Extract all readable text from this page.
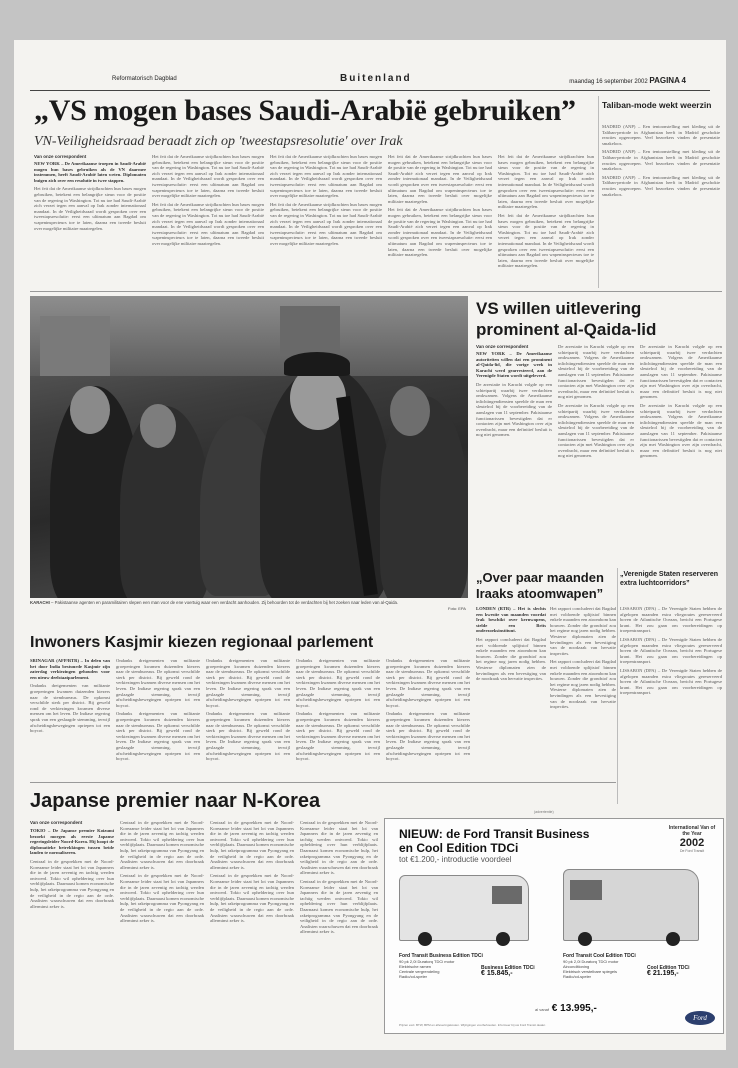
Reformatorisch Dagblad	Buitenland	maandag 16 september 2002 PAGINA 4
„VS mogen bases Saudi-Arabië gebruiken”
VN-Veiligheidsraad beraadt zich op 'tweestapsresolutie' over Irak
Van onze correspondent

NEW YORK – De Amerikaanse troepen in Saudi-Arabië mogen hun bases gebruiken als de VN daarmee instemmen, heeft Saudi-Arabië laten weten. Diplomaten buigen zich over een resolutie in twee stappen.

Het feit dat de Amerikaanse strijdkrachten hun bases mogen gebruiken, betekent een belangrijke steun voor de positie van de regering in Washington. Tot nu toe had Saudi-Arabië zich verzet tegen een aanval op Irak zonder internationaal mandaat. In de Veiligheidsraad wordt gesproken over een tweestapsresolutie: eerst een ultimatum aan Bagdad om wapeninspecteurs toe te laten, daarna een tweede besluit over mogelijke militaire maatregelen.

Het feit dat de Amerikaanse strijdkrachten hun bases mogen gebruiken, betekent een belangrijke steun voor de positie van de regering in Washington. Tot nu toe had Saudi-Arabië zich verzet tegen een aanval op Irak zonder internationaal mandaat. In de Veiligheidsraad wordt gesproken over een tweestapsresolutie: eerst een ultimatum aan Bagdad om wapeninspecteurs toe te laten, daarna een tweede besluit over mogelijke militaire maatregelen.

Het feit dat de Amerikaanse strijdkrachten hun bases mogen gebruiken, betekent een belangrijke steun voor de positie van de regering in Washington. Tot nu toe had Saudi-Arabië zich verzet tegen een aanval op Irak zonder internationaal mandaat. In de Veiligheidsraad wordt gesproken over een tweestapsresolutie: eerst een ultimatum aan Bagdad om wapeninspecteurs toe te laten, daarna een tweede besluit over mogelijke militaire maatregelen.

Het feit dat de Amerikaanse strijdkrachten hun bases mogen gebruiken, betekent een belangrijke steun voor de positie van de regering in Washington. Tot nu toe had Saudi-Arabië zich verzet tegen een aanval op Irak zonder internationaal mandaat. In de Veiligheidsraad wordt gesproken over een tweestapsresolutie: eerst een ultimatum aan Bagdad om wapeninspecteurs toe te laten, daarna een tweede besluit over mogelijke militaire maatregelen.

Het feit dat de Amerikaanse strijdkrachten hun bases mogen gebruiken, betekent een belangrijke steun voor de positie van de regering in Washington. Tot nu toe had Saudi-Arabië zich verzet tegen een aanval op Irak zonder internationaal mandaat. In de Veiligheidsraad wordt gesproken over een tweestapsresolutie: eerst een ultimatum aan Bagdad om wapeninspecteurs toe te laten, daarna een tweede besluit over mogelijke militaire maatregelen.

Het feit dat de Amerikaanse strijdkrachten hun bases mogen gebruiken, betekent een belangrijke steun voor de positie van de regering in Washington. Tot nu toe had Saudi-Arabië zich verzet tegen een aanval op Irak zonder internationaal mandaat. In de Veiligheidsraad wordt gesproken over een tweestapsresolutie: eerst een ultimatum aan Bagdad om wapeninspecteurs toe te laten, daarna een tweede besluit over mogelijke militaire maatregelen.

Het feit dat de Amerikaanse strijdkrachten hun bases mogen gebruiken, betekent een belangrijke steun voor de positie van de regering in Washington. Tot nu toe had Saudi-Arabië zich verzet tegen een aanval op Irak zonder internationaal mandaat. In de Veiligheidsraad wordt gesproken over een tweestapsresolutie: eerst een ultimatum aan Bagdad om wapeninspecteurs toe te laten, daarna een tweede besluit over mogelijke militaire maatregelen.

Het feit dat de Amerikaanse strijdkrachten hun bases mogen gebruiken, betekent een belangrijke steun voor de positie van de regering in Washington. Tot nu toe had Saudi-Arabië zich verzet tegen een aanval op Irak zonder internationaal mandaat. In de Veiligheidsraad wordt gesproken over een tweestapsresolutie: eerst een ultimatum aan Bagdad om wapeninspecteurs toe te laten, daarna een tweede besluit over mogelijke militaire maatregelen.

Het feit dat de Amerikaanse strijdkrachten hun bases mogen gebruiken, betekent een belangrijke steun voor de positie van de regering in Washington. Tot nu toe had Saudi-Arabië zich verzet tegen een aanval op Irak zonder internationaal mandaat. In de Veiligheidsraad wordt gesproken over een tweestapsresolutie: eerst een ultimatum aan Bagdad om wapeninspecteurs toe te laten, daarna een tweede besluit over mogelijke militaire maatregelen.

Taliban-mode wekt weerzin

MADRID (ANP) – Een tentoonstelling met kleding uit de Taliban-periode in Afghanistan heeft in Madrid geschokte reacties opgeroepen. Veel bezoekers vinden de presentatie smakeloos.

MADRID (ANP) – Een tentoonstelling met kleding uit de Taliban-periode in Afghanistan heeft in Madrid geschokte reacties opgeroepen. Veel bezoekers vinden de presentatie smakeloos.

MADRID (ANP) – Een tentoonstelling met kleding uit de Taliban-periode in Afghanistan heeft in Madrid geschokte reacties opgeroepen. Veel bezoekers vinden de presentatie smakeloos.

KARACHI – Pakistaanse agenten en paramilitairen slepen een man voor de ene voertuig waar een verdacht aanhouden. Zij behoorden tot de verdachten bij het zoeken naar leden van al-Qaida.
Foto: EPA
VS willen uitlevering prominent al-Qaida-lid
Van onze correspondent

NEW YORK – De Amerikaanse autoriteiten willen dat een prominent al-Qaida-lid, die vorige week in Karachi werd gearresteerd, aan de Verenigde Staten wordt uitgeleverd.

De arrestatie in Karachi volgde op een schietpartij waarbij twee verdachten omkwamen. Volgens de Amerikaanse inlichtingendiensten speelde de man een sleutelrol bij de voorbereiding van de aanslagen van 11 september. Pakistaanse functionarissen bevestigden dat er contacten zijn met Washington over zijn overdracht, maar een definitief besluit is nog niet genomen.

De arrestatie in Karachi volgde op een schietpartij waarbij twee verdachten omkwamen. Volgens de Amerikaanse inlichtingendiensten speelde de man een sleutelrol bij de voorbereiding van de aanslagen van 11 september. Pakistaanse functionarissen bevestigden dat er contacten zijn met Washington over zijn overdracht, maar een definitief besluit is nog niet genomen.

De arrestatie in Karachi volgde op een schietpartij waarbij twee verdachten omkwamen. Volgens de Amerikaanse inlichtingendiensten speelde de man een sleutelrol bij de voorbereiding van de aanslagen van 11 september. Pakistaanse functionarissen bevestigden dat er contacten zijn met Washington over zijn overdracht, maar een definitief besluit is nog niet genomen.

De arrestatie in Karachi volgde op een schietpartij waarbij twee verdachten omkwamen. Volgens de Amerikaanse inlichtingendiensten speelde de man een sleutelrol bij de voorbereiding van de aanslagen van 11 september. Pakistaanse functionarissen bevestigden dat er contacten zijn met Washington over zijn overdracht, maar een definitief besluit is nog niet genomen.

De arrestatie in Karachi volgde op een schietpartij waarbij twee verdachten omkwamen. Volgens de Amerikaanse inlichtingendiensten speelde de man een sleutelrol bij de voorbereiding van de aanslagen van 11 september. Pakistaanse functionarissen bevestigden dat er contacten zijn met Washington over zijn overdracht, maar een definitief besluit is nog niet genomen.

„Over paar maanden Iraaks atoomwapen”

LONDEN (RTR) – Het is slechts een kwestie van maanden voordat Irak beschikt over kernwapens, stelde een Brits onderzoeksinstituut.

Het rapport concludeert dat Bagdad met voldoende splijtstof binnen enkele maanden een atoombom kan bouwen. Zonder die grondstof zou het regime nog jaren nodig hebben. Westerse diplomaten zien de bevindingen als een bevestiging van de noodzaak van hervatte inspecties.

Het rapport concludeert dat Bagdad met voldoende splijtstof binnen enkele maanden een atoombom kan bouwen. Zonder die grondstof zou het regime nog jaren nodig hebben. Westerse diplomaten zien de bevindingen als een bevestiging van de noodzaak van hervatte inspecties.

Het rapport concludeert dat Bagdad met voldoende splijtstof binnen enkele maanden een atoombom kan bouwen. Zonder die grondstof zou het regime nog jaren nodig hebben. Westerse diplomaten zien de bevindingen als een bevestiging van de noodzaak van hervatte inspecties.

„Verenigde Staten reserveren extra luchtcorridors”

LISSABON (DPA) – De Verenigde Staten hebben de afgelopen maanden extra vliegroutes gereserveerd boven de Atlantische Oceaan, bericht een Portugese krant. Het zou gaan om voorbereidingen op troepentransport.

LISSABON (DPA) – De Verenigde Staten hebben de afgelopen maanden extra vliegroutes gereserveerd boven de Atlantische Oceaan, bericht een Portugese krant. Het zou gaan om voorbereidingen op troepentransport.

LISSABON (DPA) – De Verenigde Staten hebben de afgelopen maanden extra vliegroutes gereserveerd boven de Atlantische Oceaan, bericht een Portugese krant. Het zou gaan om voorbereidingen op troepentransport.

Inwoners Kasjmir kiezen regionaal parlement

SRINAGAR (AFP/RTR) – In delen van het door India bestuurde Kasjmir zijn zaterdag verkiezingen gehouden voor een nieuw deelstaatparlement.

Ondanks dreigementen van militante groeperingen kwamen duizenden kiezers naar de stembureaus. De opkomst verschilde sterk per district. Bij geweld rond de verkiezingen kwamen diverse mensen om het leven. De Indiase regering sprak van een geslaagde stemming, terwijl afscheidingsbewegingen opriepen tot een boycot.

Ondanks dreigementen van militante groeperingen kwamen duizenden kiezers naar de stembureaus. De opkomst verschilde sterk per district. Bij geweld rond de verkiezingen kwamen diverse mensen om het leven. De Indiase regering sprak van een geslaagde stemming, terwijl afscheidingsbewegingen opriepen tot een boycot.

Ondanks dreigementen van militante groeperingen kwamen duizenden kiezers naar de stembureaus. De opkomst verschilde sterk per district. Bij geweld rond de verkiezingen kwamen diverse mensen om het leven. De Indiase regering sprak van een geslaagde stemming, terwijl afscheidingsbewegingen opriepen tot een boycot.

Ondanks dreigementen van militante groeperingen kwamen duizenden kiezers naar de stembureaus. De opkomst verschilde sterk per district. Bij geweld rond de verkiezingen kwamen diverse mensen om het leven. De Indiase regering sprak van een geslaagde stemming, terwijl afscheidingsbewegingen opriepen tot een boycot.

Ondanks dreigementen van militante groeperingen kwamen duizenden kiezers naar de stembureaus. De opkomst verschilde sterk per district. Bij geweld rond de verkiezingen kwamen diverse mensen om het leven. De Indiase regering sprak van een geslaagde stemming, terwijl afscheidingsbewegingen opriepen tot een boycot.

Ondanks dreigementen van militante groeperingen kwamen duizenden kiezers naar de stembureaus. De opkomst verschilde sterk per district. Bij geweld rond de verkiezingen kwamen diverse mensen om het leven. De Indiase regering sprak van een geslaagde stemming, terwijl afscheidingsbewegingen opriepen tot een boycot.

Ondanks dreigementen van militante groeperingen kwamen duizenden kiezers naar de stembureaus. De opkomst verschilde sterk per district. Bij geweld rond de verkiezingen kwamen diverse mensen om het leven. De Indiase regering sprak van een geslaagde stemming, terwijl afscheidingsbewegingen opriepen tot een boycot.

Ondanks dreigementen van militante groeperingen kwamen duizenden kiezers naar de stembureaus. De opkomst verschilde sterk per district. Bij geweld rond de verkiezingen kwamen diverse mensen om het leven. De Indiase regering sprak van een geslaagde stemming, terwijl afscheidingsbewegingen opriepen tot een boycot.

Ondanks dreigementen van militante groeperingen kwamen duizenden kiezers naar de stembureaus. De opkomst verschilde sterk per district. Bij geweld rond de verkiezingen kwamen diverse mensen om het leven. De Indiase regering sprak van een geslaagde stemming, terwijl afscheidingsbewegingen opriepen tot een boycot.

Japanse premier naar N-Korea
Van onze correspondent

TOKIO – De Japanse premier Koizumi bezoekt morgen als eerste Japanse regeringsleider Noord-Korea. Hij hoopt de diplomatieke betrekkingen tussen beide landen te normaliseren.

Centraal in de gesprekken met de Noord-Koreaanse leider staat het lot van Japanners die in de jaren zeventig en tachtig werden ontvoerd. Tokio wil opheldering over hun verblijfplaats. Daarnaast komen economische hulp, het raketprogramma van Pyongyang en de veiligheid in de regio aan de orde. Analisten waarschuwen dat een doorbraak allerminst zeker is.

Centraal in de gesprekken met de Noord-Koreaanse leider staat het lot van Japanners die in de jaren zeventig en tachtig werden ontvoerd. Tokio wil opheldering over hun verblijfplaats. Daarnaast komen economische hulp, het raketprogramma van Pyongyang en de veiligheid in de regio aan de orde. Analisten waarschuwen dat een doorbraak allerminst zeker is.

Centraal in de gesprekken met de Noord-Koreaanse leider staat het lot van Japanners die in de jaren zeventig en tachtig werden ontvoerd. Tokio wil opheldering over hun verblijfplaats. Daarnaast komen economische hulp, het raketprogramma van Pyongyang en de veiligheid in de regio aan de orde. Analisten waarschuwen dat een doorbraak allerminst zeker is.

Centraal in de gesprekken met de Noord-Koreaanse leider staat het lot van Japanners die in de jaren zeventig en tachtig werden ontvoerd. Tokio wil opheldering over hun verblijfplaats. Daarnaast komen economische hulp, het raketprogramma van Pyongyang en de veiligheid in de regio aan de orde. Analisten waarschuwen dat een doorbraak allerminst zeker is.

Centraal in de gesprekken met de Noord-Koreaanse leider staat het lot van Japanners die in de jaren zeventig en tachtig werden ontvoerd. Tokio wil opheldering over hun verblijfplaats. Daarnaast komen economische hulp, het raketprogramma van Pyongyang en de veiligheid in de regio aan de orde. Analisten waarschuwen dat een doorbraak allerminst zeker is.

Centraal in de gesprekken met de Noord-Koreaanse leider staat het lot van Japanners die in de jaren zeventig en tachtig werden ontvoerd. Tokio wil opheldering over hun verblijfplaats. Daarnaast komen economische hulp, het raketprogramma van Pyongyang en de veiligheid in de regio aan de orde. Analisten waarschuwen dat een doorbraak allerminst zeker is.

Centraal in de gesprekken met de Noord-Koreaanse leider staat het lot van Japanners die in de jaren zeventig en tachtig werden ontvoerd. Tokio wil opheldering over hun verblijfplaats. Daarnaast komen economische hulp, het raketprogramma van Pyongyang en de veiligheid in de regio aan de orde. Analisten waarschuwen dat een doorbraak allerminst zeker is.

(advertentie)
NIEUW: de Ford Transit Business
en Cool Edition TDCi
tot €1.200,- introductie voordeel
International Van of the Year
2002
De Ford Transit
Ford Transit Business Edition TDCi
90 pk 2,0l Duratorq TDCi motor
Elektrische ramen
Centrale vergrendeling
Radio/cd-speler
Business Edition TDCi
€ 15.845,-
Ford Transit Cool Edition TDCi
90 pk 2,0l Duratorq TDCi motor
Airconditioning
Elektrisch verstelbare spiegels
Radio/cd-speler
Cool Edition TDCi
€ 21.195,-
al vanaf € 13.995,-
Prijzen excl. BTW, BPM en afleveringskosten. Wijzigingen voorbehouden. Informeer bij uw Ford Transit dealer.
Ford
